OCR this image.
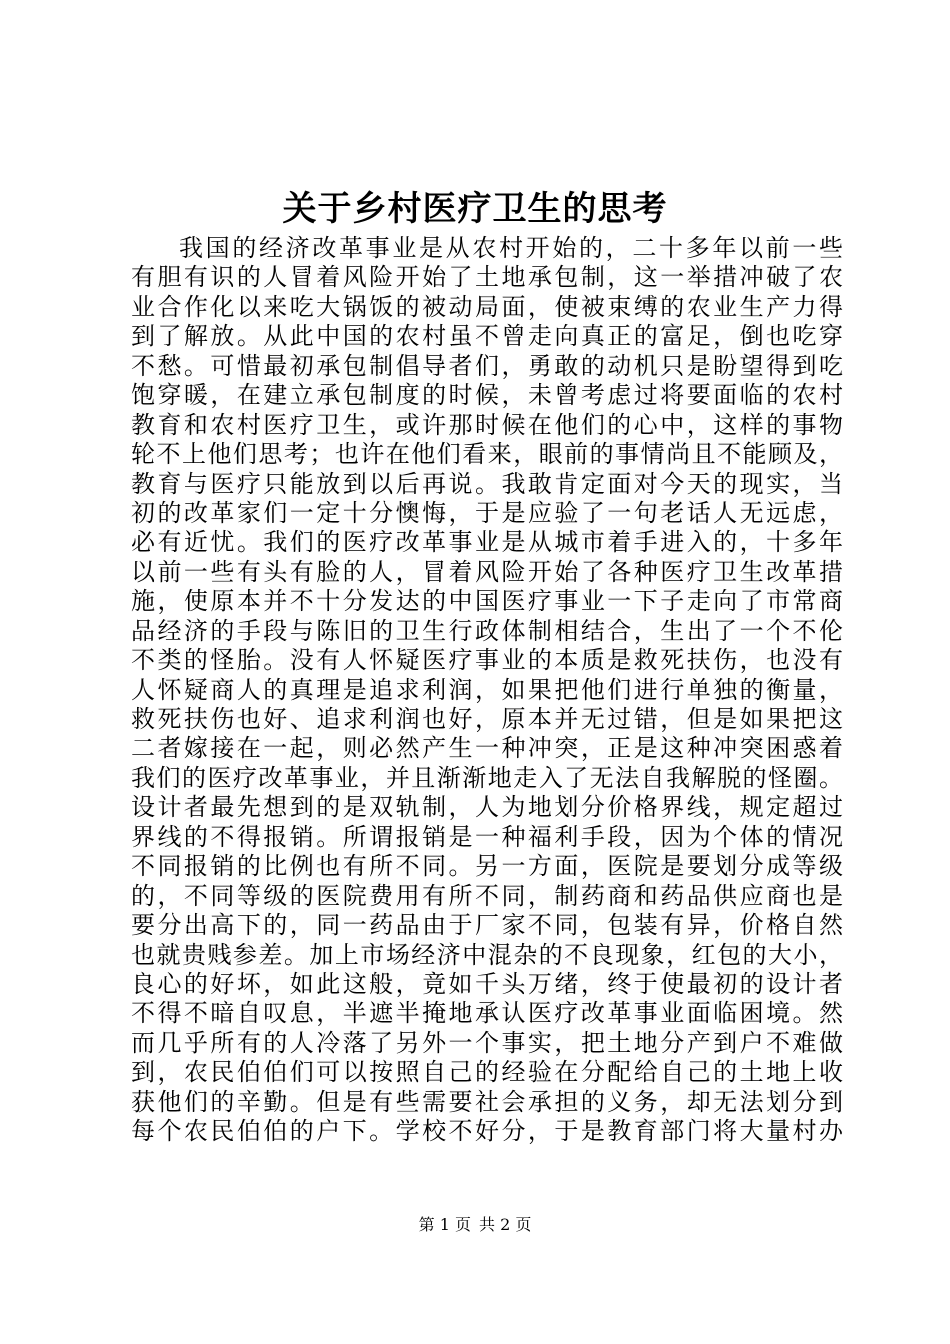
关于乡村医疗卫生的思考
我国的经济改革事业是从农村开始的，二十多年以前一些
有胆有识的人冒着风险开始了土地承包制，这一举措冲破了农
业合作化以来吃大锅饭的被动局面，使被束缚的农业生产力得
到了解放。从此中国的农村虽不曾走向真正的富足，倒也吃穿
不愁。可惜最初承包制倡导者们，勇敢的动机只是盼望得到吃
饱穿暖，在建立承包制度的时候，未曾考虑过将要面临的农村
教育和农村医疗卫生，或许那时候在他们的心中，这样的事物
轮不上他们思考；也许在他们看来，眼前的事情尚且不能顾及，
教育与医疗只能放到以后再说。我敢肯定面对今天的现实，当
初的改革家们一定十分懊悔，于是应验了一句老话人无远虑，
必有近忧。我们的医疗改革事业是从城市着手进入的，十多年
以前一些有头有脸的人，冒着风险开始了各种医疗卫生改革措
施，使原本并不十分发达的中国医疗事业一下子走向了市常商
品经济的手段与陈旧的卫生行政体制相结合，生出了一个不伦
不类的怪胎。没有人怀疑医疗事业的本质是救死扶伤，也没有
人怀疑商人的真理是追求利润，如果把他们进行单独的衡量，
救死扶伤也好、追求利润也好，原本并无过错，但是如果把这
二者嫁接在一起，则必然产生一种冲突，正是这种冲突困惑着
我们的医疗改革事业，并且渐渐地走入了无法自我解脱的怪圈。
设计者最先想到的是双轨制，人为地划分价格界线，规定超过
界线的不得报销。所谓报销是一种福利手段，因为个体的情况
不同报销的比例也有所不同。另一方面，医院是要划分成等级
的，不同等级的医院费用有所不同，制药商和药品供应商也是
要分出高下的，同一药品由于厂家不同，包装有异，价格自然
也就贵贱参差。加上市场经济中混杂的不良现象，红包的大小，
良心的好坏，如此这般，竟如千头万绪，终于使最初的设计者
不得不暗自叹息，半遮半掩地承认医疗改革事业面临困境。然
而几乎所有的人冷落了另外一个事实，把土地分产到户不难做
到，农民伯伯们可以按照自己的经验在分配给自己的土地上收
获他们的辛勤。但是有些需要社会承担的义务，却无法划分到
每个农民伯伯的户下。学校不好分，于是教育部门将大量村办
第 1 页 共 2 页
